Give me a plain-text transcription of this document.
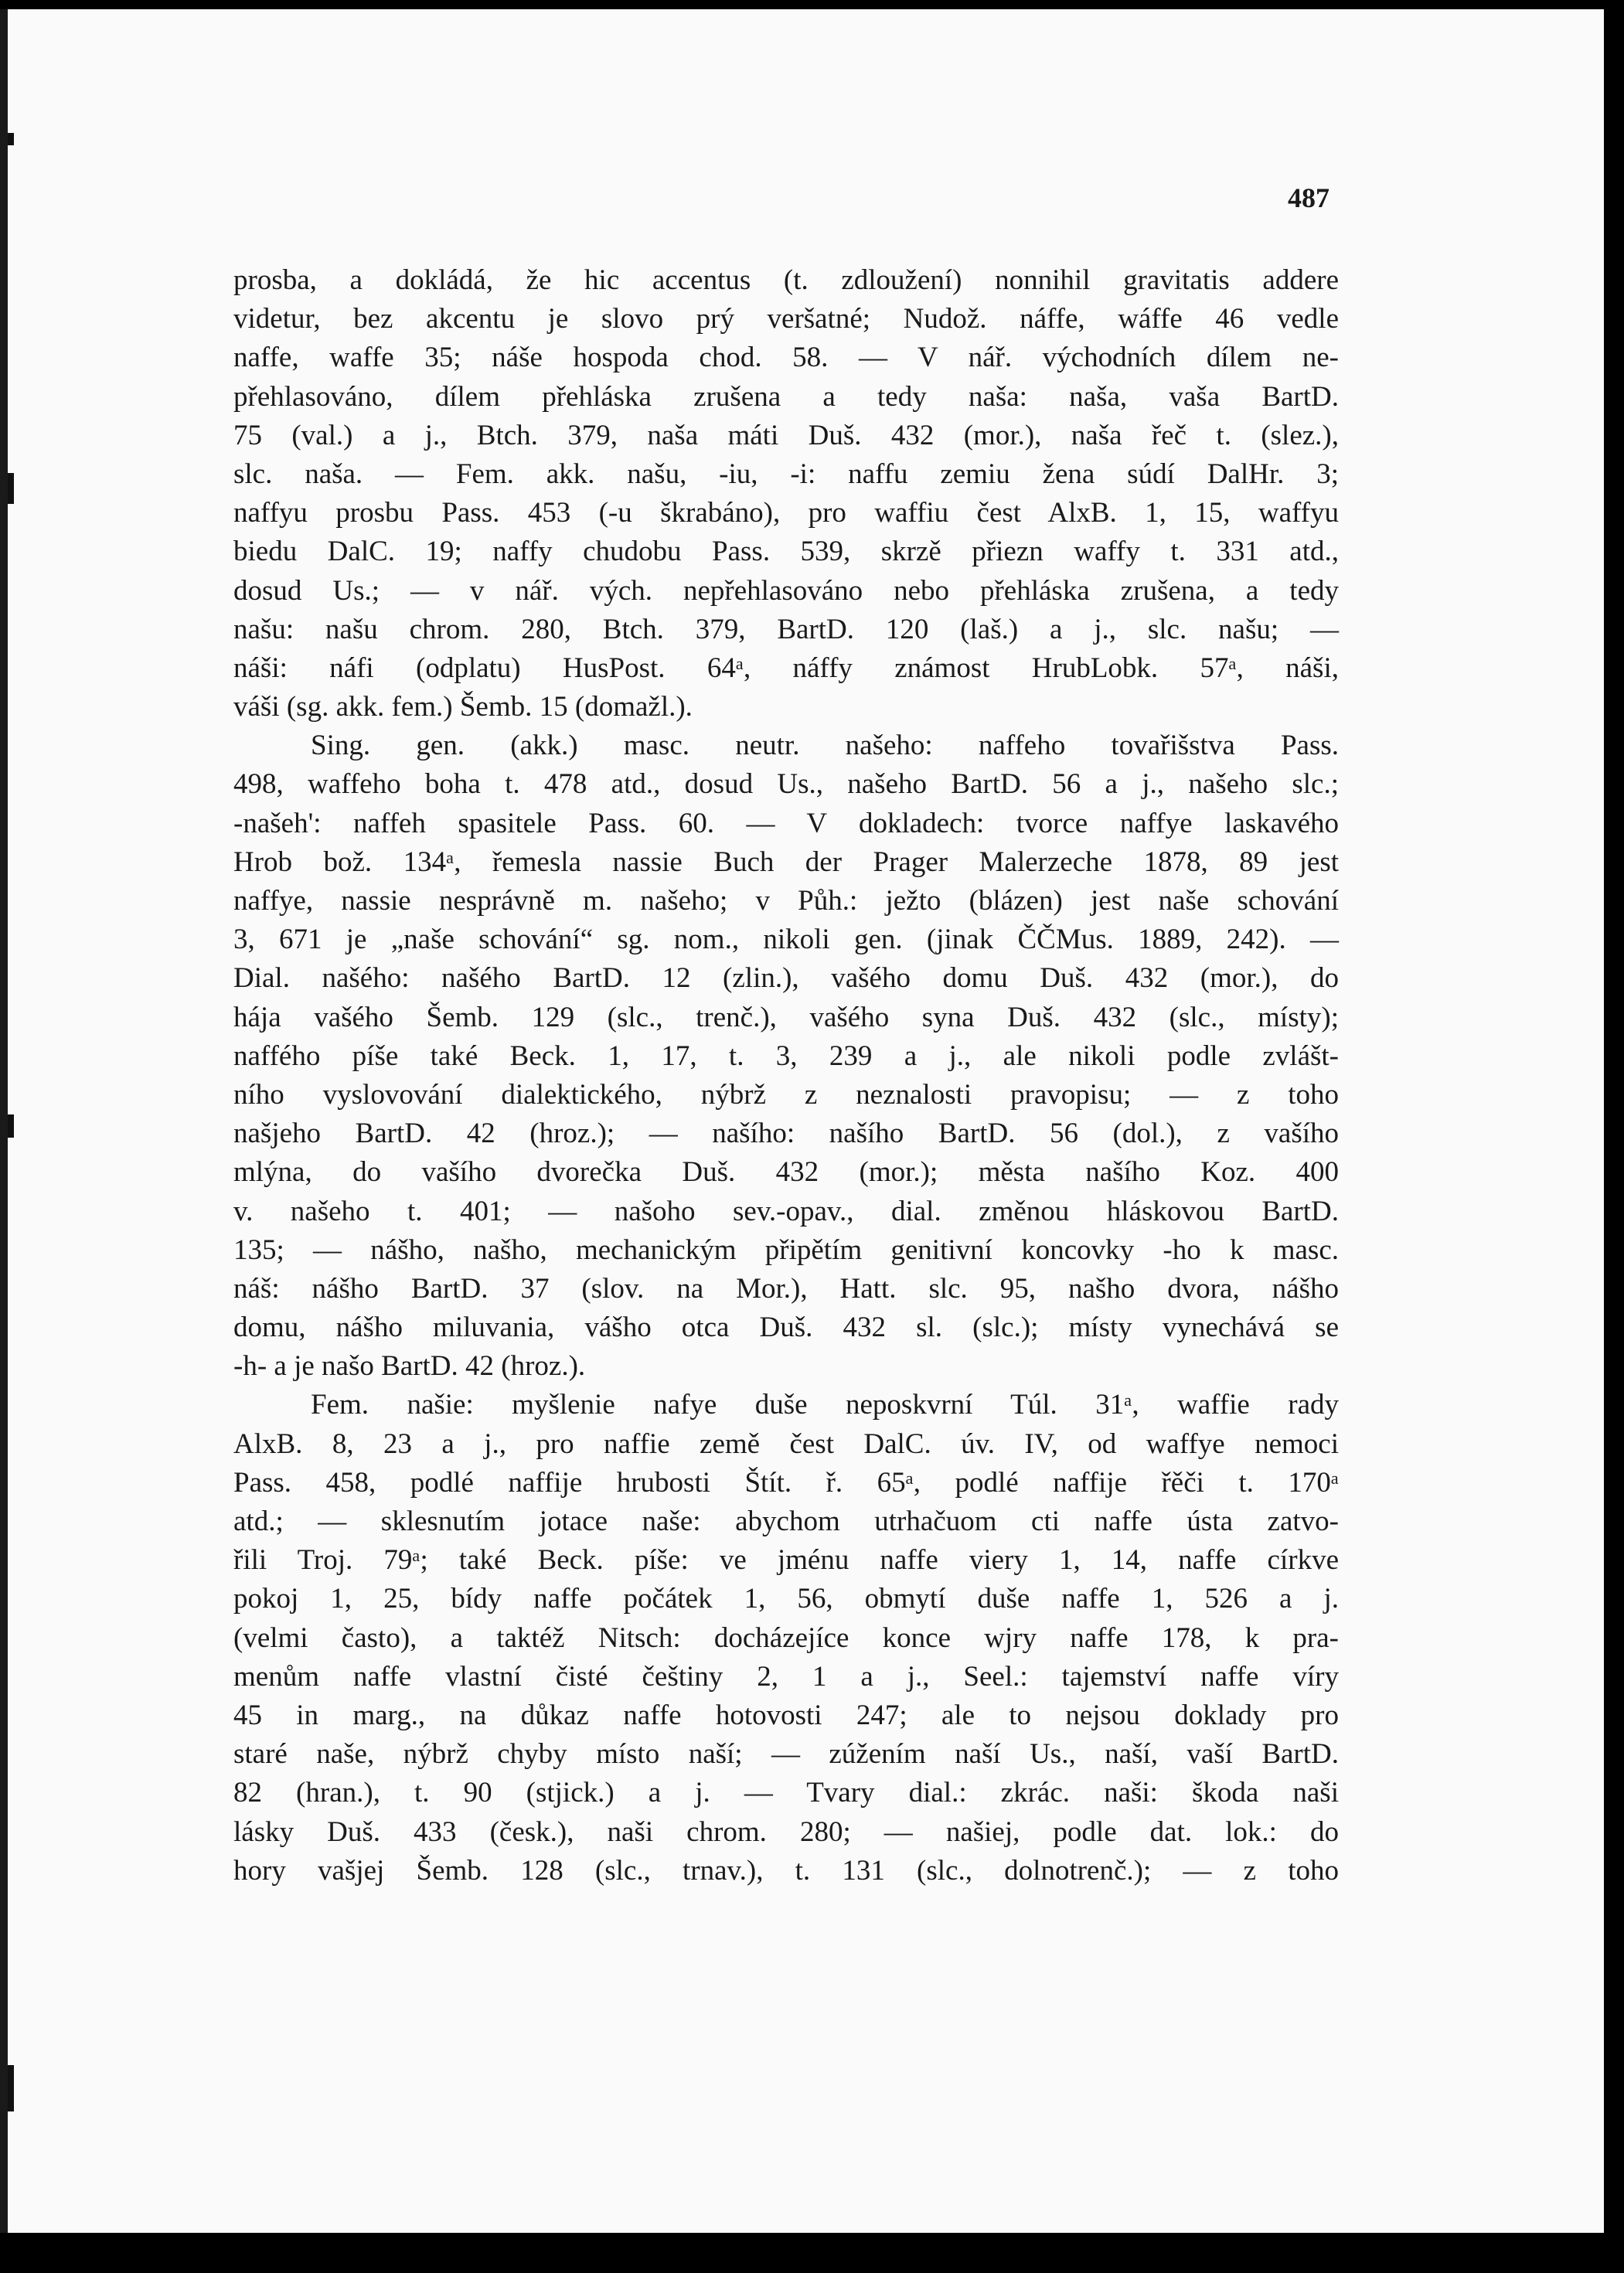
487
prosba, a dokládá, že hic accentus (t. zdloužení) nonnihil gravitatis addere
videtur, bez akcentu je slovo prý veršatné; Nudož. náffe, wáffe 46 vedle
naffe, waffe 35; náše hospoda chod. 58. — V nář. východních dílem ne-
přehlasováno, dílem přehláska zrušena a tedy naša: naša, vaša BartD.
75 (val.) a j., Btch. 379, naša máti Duš. 432 (mor.), naša řeč t. (slez.),
slc. naša. — Fem. akk. našu, -iu, -i: naffu zemiu žena súdí DalHr. 3;
naffyu prosbu Pass. 453 (-u škrabáno), pro waffiu čest AlxB. 1, 15, waffyu
biedu DalC. 19; naffy chudobu Pass. 539, skrzě přiezn waffy t. 331 atd.,
dosud Us.; — v nář. vých. nepřehlasováno nebo přehláska zrušena, a tedy
našu: našu chrom. 280, Btch. 379, BartD. 120 (laš.) a j., slc. našu; —
náši: náfi (odplatu) HusPost. 64ᵃ, náffy známost HrubLobk. 57ᵃ, náši,
váši (sg. akk. fem.) Šemb. 15 (domažl.).
Sing. gen. (akk.) masc. neutr. našeho: naffeho tovařišstva Pass.
498, waffeho boha t. 478 atd., dosud Us., našeho BartD. 56 a j., našeho slc.;
-našeh': naffeh spasitele Pass. 60. — V dokladech: tvorce naffye laskavého
Hrob bož. 134ᵃ, řemesla nassie Buch der Prager Malerzeche 1878, 89 jest
naffye, nassie nesprávně m. našeho; v Půh.: ježto (blázen) jest naše schování
3, 671 je „naše schování“ sg. nom., nikoli gen. (jinak ČČMus. 1889, 242). —
Dial. našého: našého BartD. 12 (zlin.), vašého domu Duš. 432 (mor.), do
hája vašého Šemb. 129 (slc., trenč.), vašého syna Duš. 432 (slc., místy);
naffého píše také Beck. 1, 17, t. 3, 239 a j., ale nikoli podle zvlášt-
ního vyslovování dialektického, nýbrž z neznalosti pravopisu; — z toho
našjeho BartD. 42 (hroz.); — našího: našího BartD. 56 (dol.), z vašího
mlýna, do vašího dvorečka Duš. 432 (mor.); města našího Koz. 400
v. našeho t. 401; — našoho sev.-opav., dial. změnou hláskovou BartD.
135; — nášho, našho, mechanickým připětím genitivní koncovky -ho k masc.
náš: nášho BartD. 37 (slov. na Mor.), Hatt. slc. 95, našho dvora, nášho
domu, nášho miluvania, vášho otca Duš. 432 sl. (slc.); místy vynechává se
-h- a je našo BartD. 42 (hroz.).
Fem. našie: myšlenie nafye duše neposkvrní Túl. 31ᵃ, waffie rady
AlxB. 8, 23 a j., pro naffie země čest DalC. úv. IV, od waffye nemoci
Pass. 458, podlé naffije hrubosti Štít. ř. 65ᵃ, podlé naffije řěči t. 170ᵃ
atd.; — sklesnutím jotace naše: abychom utrhačuom cti naffe ústa zatvo-
řili Troj. 79ᵃ; také Beck. píše: ve jménu naffe viery 1, 14, naffe církve
pokoj 1, 25, bídy naffe počátek 1, 56, obmytí duše naffe 1, 526 a j.
(velmi často), a taktéž Nitsch: docházejíce konce wjry naffe 178, k pra-
menům naffe vlastní čisté češtiny 2, 1 a j., Seel.: tajemství naffe víry
45 in marg., na důkaz naffe hotovosti 247; ale to nejsou doklady pro
staré naše, nýbrž chyby místo naší; — zúžením naší Us., naší, vaší BartD.
82 (hran.), t. 90 (stjick.) a j. — Tvary dial.: zkrác. naši: škoda naši
lásky Duš. 433 (česk.), naši chrom. 280; — našiej, podle dat. lok.: do
hory vašjej Šemb. 128 (slc., trnav.), t. 131 (slc., dolnotrenč.); — z toho
